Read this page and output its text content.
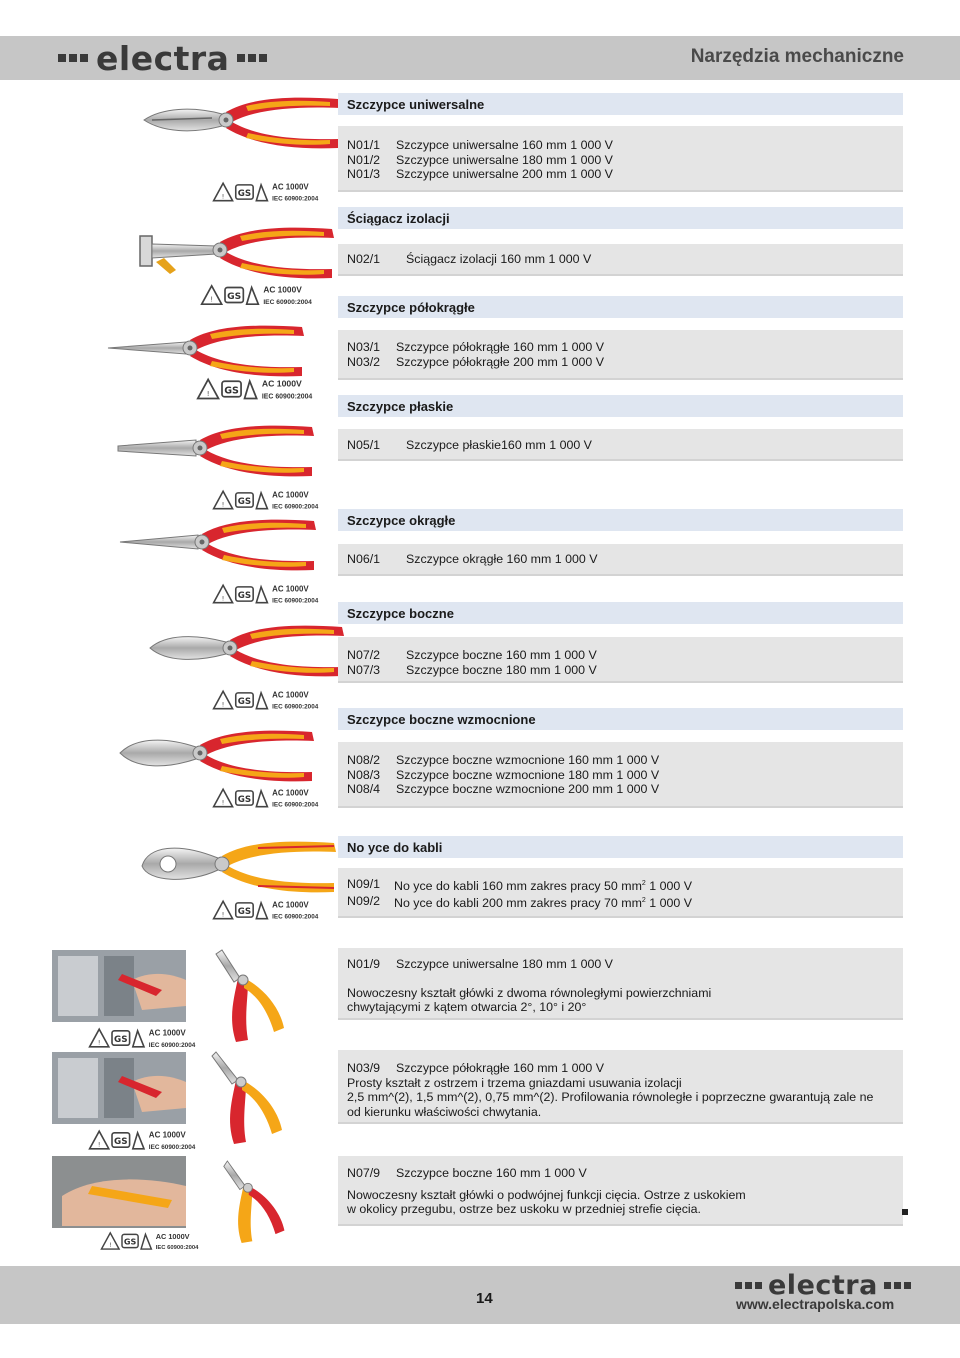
electra	Narzędzia mechaniczne
GS
AC 1000V
IEC 60900:2004
GS
AC 1000V
IEC 60900:2004
GS
AC 1000V
IEC 60900:2004
GS
AC 1000V
IEC 60900:2004
GS
AC 1000V
IEC 60900:2004
GS
AC 1000V
IEC 60900:2004
GS
AC 1000V
IEC 60900:2004
GS
AC 1000V
IEC 60900:2004
GS
AC 1000V
IEC 60900:2004
GS
AC 1000V
IEC 60900:2004
GS
AC 1000V
IEC 60900:2004
Szczypce uniwersalne
N01/1	Szczypce uniwersalne 160 mm 1 000 V
N01/2	Szczypce uniwersalne 180 mm 1 000 V
N01/3	Szczypce uniwersalne 200 mm 1 000 V
Ściągacz izolacji
N02/1	Ściągacz izolacji 160 mm 1 000 V
Szczypce półokrągłe
N03/1	Szczypce półokrągłe 160 mm 1 000 V
N03/2	Szczypce półokrągłe 200 mm 1 000 V
Szczypce płaskie
N05/1	Szczypce płaskie160 mm 1 000 V
Szczypce okrągłe
N06/1	Szczypce okrągłe 160 mm 1 000 V
Szczypce boczne
N07/2	Szczypce boczne 160 mm 1 000 V
N07/3	Szczypce boczne 180 mm 1 000 V
Szczypce boczne wzmocnione
N08/2	Szczypce boczne wzmocnione 160 mm 1 000 V
N08/3	Szczypce boczne wzmocnione 180 mm 1 000 V
N08/4	Szczypce boczne wzmocnione 200 mm 1 000 V
No yce do kabli
N09/1	No yce do kabli 160 mm zakres pracy 50 $mm^2$ 1 000 V
N09/2	No yce do kabli 200 mm zakres pracy 70 $mm^2$ 1 000 V
N01/9	Szczypce uniwersalne 180 mm 1 000 V
Nowoczesny kształt główki z dwoma równoległymi powierzchniami
chwytającymi z kątem otwarcia 2°, 10° i 20°
N03/9	Szczypce półokrągłe 160 mm 1 000 V
Prosty kształt z ostrzem i trzema gniazdami usuwania izolacji
2,5 mm^(2), 1,5 mm^(2), 0,75 mm^(2). Profilowania równoległe i poprzeczne gwarantują zale ne
od kierunku właściwości chwytania.
N07/9	Szczypce boczne 160 mm 1 000 V
Nowoczesny kształt główki o podwójnej funkcji cięcia. Ostrze z uskokiem
w okolicy przegubu, ostrze bez uskoku w przedniej strefie cięcia.
14	electra
www.electrapolska.com
